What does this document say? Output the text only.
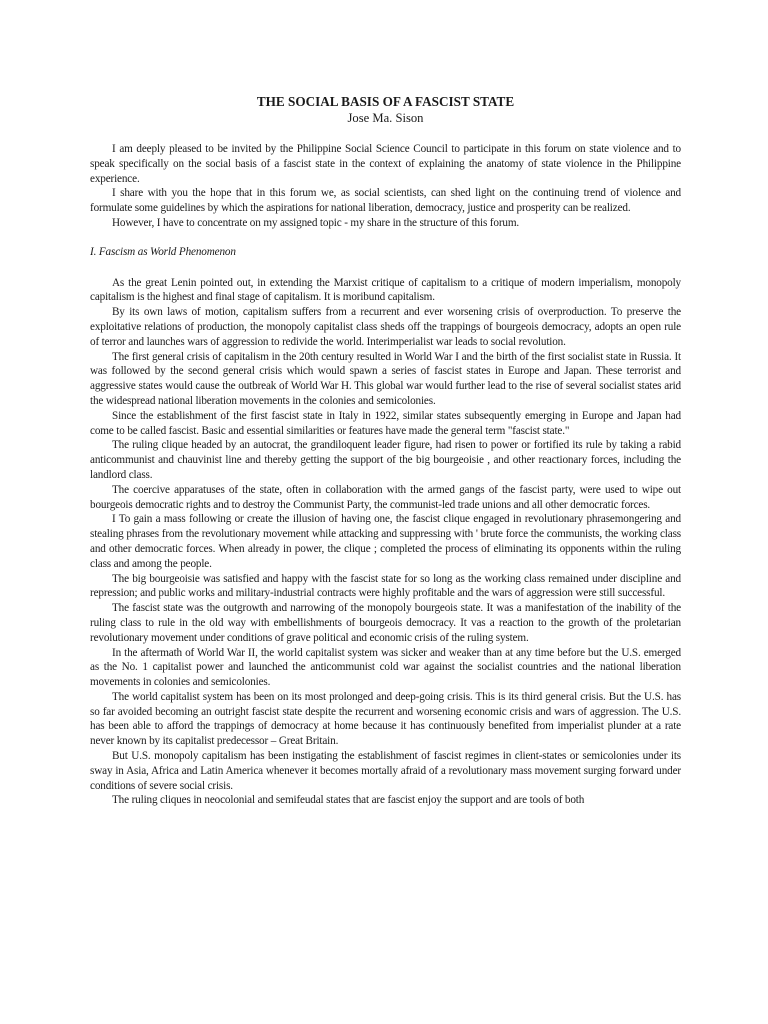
THE SOCIAL BASIS OF A FASCIST STATE
Jose Ma. Sison

I am deeply pleased to be invited by the Philippine Social Science Council to participate in this forum on state violence and to speak specifically on the social basis of a fascist state in the context of explaining the anatomy of state violence in the Philippine experience.

I share with you the hope that in this forum we, as social scientists, can shed light on the continuing trend of violence and formulate some guidelines by which the aspirations for national liberation, democracy, justice and prosperity can be realized.

However, I have to concentrate on my assigned topic - my share in the structure of this forum.

I. Fascism as World Phenomenon

As the great Lenin pointed out, in extending the Marxist critique of capitalism to a critique of modern imperialism, monopoly capitalism is the highest and final stage of capitalism. It is moribund capitalism.

By its own laws of motion, capitalism suffers from a recurrent and ever worsening crisis of overproduction. To preserve the exploitative relations of production, the monopoly capitalist class sheds off the trappings of bourgeois democracy, adopts an open rule of terror and launches wars of aggression to redivide the world. Interimperialist war leads to social revolution.

The first general crisis of capitalism in the 20th century resulted in World War I and the birth of the first socialist state in Russia. It was followed by the second general crisis which would spawn a series of fascist states in Europe and Japan. These terrorist and aggressive states would cause the outbreak of World War H. This global war would further lead to the rise of several socialist states arid the widespread national liberation movements in the colonies and semicolonies.

Since the establishment of the first fascist state in Italy in 1922, similar states subsequently emerging in Europe and Japan had come to be called fascist. Basic and essential similarities or features have made the general term "fascist state."

The ruling clique headed by an autocrat, the grandiloquent leader figure, had risen to power or fortified its rule by taking a rabid anticommunist and chauvinist line and thereby getting the support of the big bourgeoisie , and other reactionary forces, including the landlord class.

The coercive apparatuses of the state, often in collaboration with the armed gangs of the fascist party, were used to wipe out bourgeois democratic rights and to destroy the Communist Party, the communist-led trade unions and all other democratic forces.

I To gain a mass following or create the illusion of having one, the fascist clique engaged in revolutionary phrasemongering and stealing phrases from the revolutionary movement while attacking and suppressing with ' brute force the communists, the working class and other democratic forces. When already in power, the clique ; completed the process of eliminating its opponents within the ruling class and among the people.

The big bourgeoisie was satisfied and happy with the fascist state for so long as the working class remained under discipline and repression; and public works and military-industrial contracts were highly profitable and the wars of aggression were still successful.

The fascist state was the outgrowth and narrowing of the monopoly bourgeois state. It was a manifestation of the inability of the ruling class to rule in the old way with embellishments of bourgeois democracy. It vas a reaction to the growth of the proletarian revolutionary movement under conditions of grave political and economic crisis of the ruling system.

In the aftermath of World War II, the world capitalist system was sicker and weaker than at any time before but the U.S. emerged as the No. 1 capitalist power and launched the anticommunist cold war against the socialist countries and the national liberation movements in colonies and semicolonies.

The world capitalist system has been on its most prolonged and deep-going crisis. This is its third general crisis. But the U.S. has so far avoided becoming an outright fascist state despite the recurrent and worsening economic crisis and wars of aggression. The U.S. has been able to afford the trappings of democracy at home because it has continuously benefited from imperialist plunder at a rate never known by its capitalist predecessor – Great Britain.

But U.S. monopoly capitalism has been instigating the establishment of fascist regimes in client-states or semicolonies under its sway in Asia, Africa and Latin America whenever it becomes mortally afraid of a revolutionary mass movement surging forward under conditions of severe social crisis.

The ruling cliques in neocolonial and semifeudal states that are fascist enjoy the support and are tools of both
